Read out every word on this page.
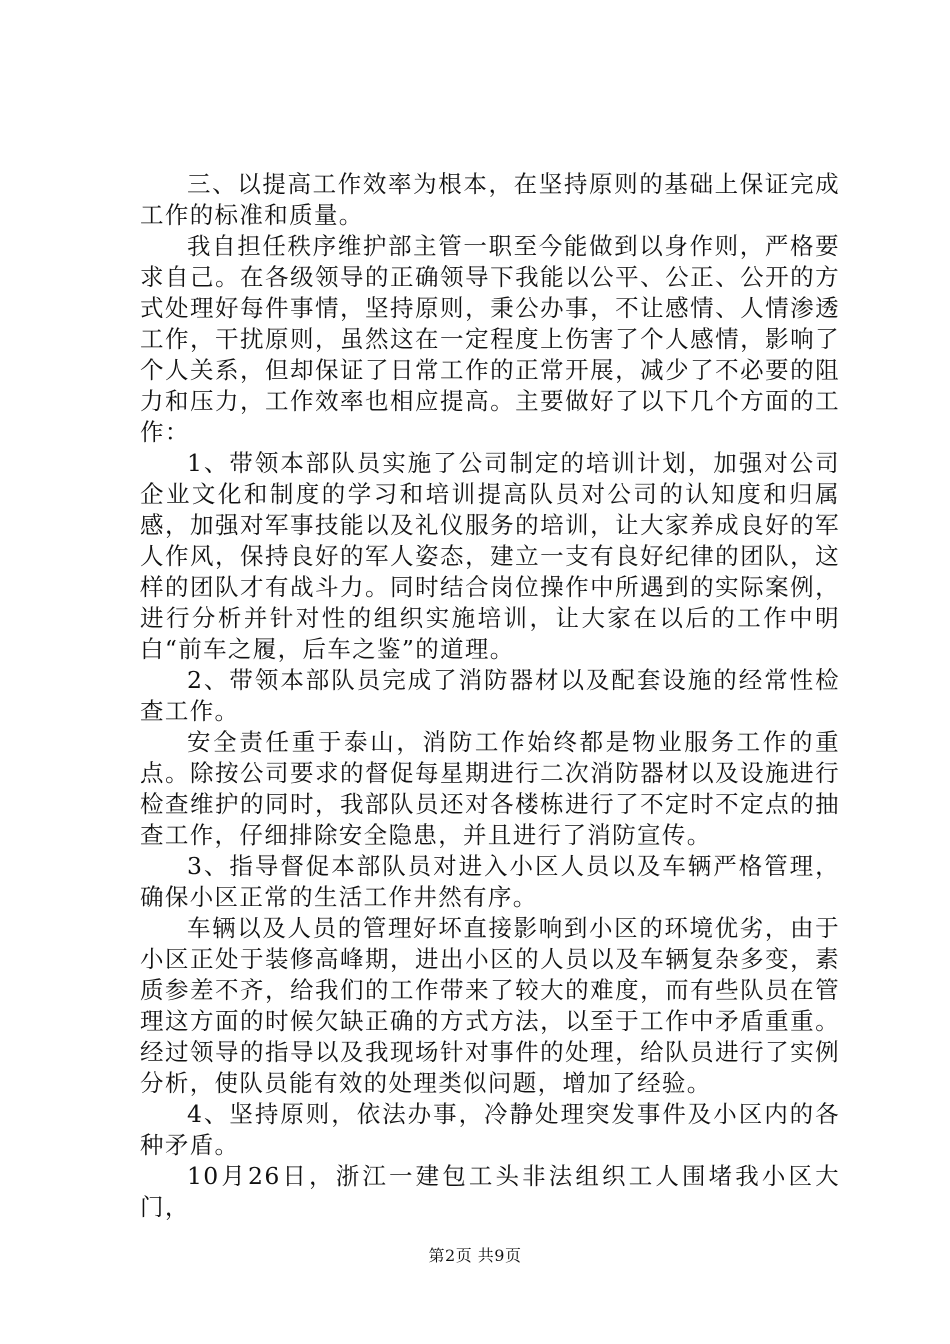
三、以提高工作效率为根本，在坚持原则的基础上保证完成工作的标准和质量。

我自担任秩序维护部主管一职至今能做到以身作则，严格要求自己。在各级领导的正确领导下我能以公平、公正、公开的方式处理好每件事情，坚持原则，秉公办事，不让感情、人情渗透工作，干扰原则，虽然这在一定程度上伤害了个人感情，影响了个人关系，但却保证了日常工作的正常开展，减少了不必要的阻力和压力，工作效率也相应提高。主要做好了以下几个方面的工作：

1、带领本部队员实施了公司制定的培训计划，加强对公司企业文化和制度的学习和培训提高队员对公司的认知度和归属感，加强对军事技能以及礼仪服务的培训，让大家养成良好的军人作风，保持良好的军人姿态，建立一支有良好纪律的团队，这样的团队才有战斗力。同时结合岗位操作中所遇到的实际案例，进行分析并针对性的组织实施培训，让大家在以后的工作中明白“前车之履，后车之鉴”的道理。

2、带领本部队员完成了消防器材以及配套设施的经常性检查工作。

安全责任重于泰山，消防工作始终都是物业服务工作的重点。除按公司要求的督促每星期进行二次消防器材以及设施进行检查维护的同时，我部队员还对各楼栋进行了不定时不定点的抽查工作，仔细排除安全隐患，并且进行了消防宣传。

3、指导督促本部队员对进入小区人员以及车辆严格管理，确保小区正常的生活工作井然有序。

车辆以及人员的管理好坏直接影响到小区的环境优劣，由于小区正处于装修高峰期，进出小区的人员以及车辆复杂多变，素质参差不齐，给我们的工作带来了较大的难度，而有些队员在管理这方面的时候欠缺正确的方式方法，以至于工作中矛盾重重。经过领导的指导以及我现场针对事件的处理，给队员进行了实例分析，使队员能有效的处理类似问题，增加了经验。

4、坚持原则，依法办事，冷静处理突发事件及小区内的各种矛盾。

10月26日，浙江一建包工头非法组织工人围堵我小区大门，

第2页 共9页
